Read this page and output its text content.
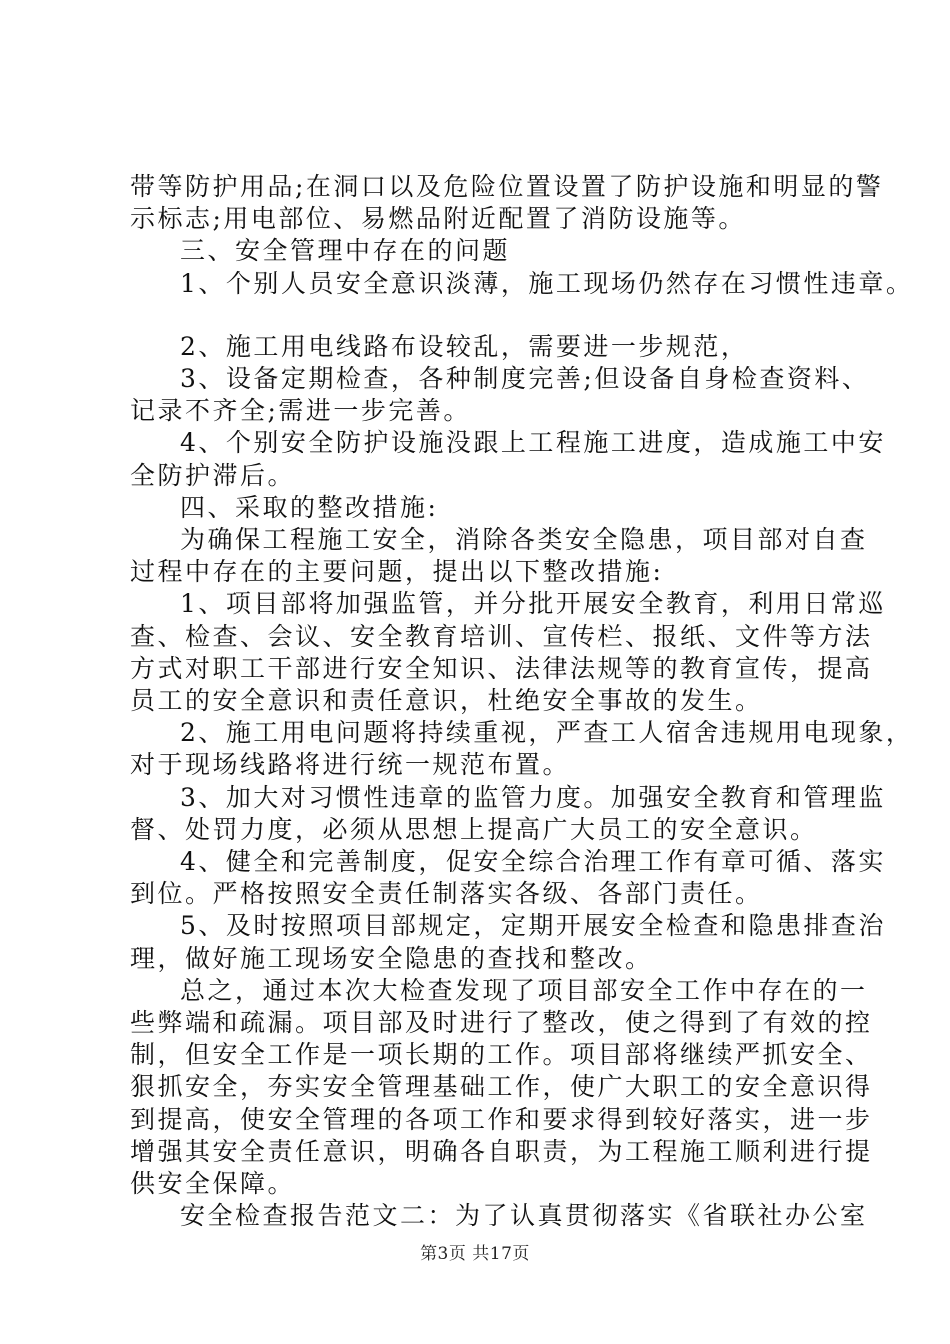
带等防护用品;在洞口以及危险位置设置了防护设施和明显的警
示标志;用电部位、易燃品附近配置了消防设施等。
三、安全管理中存在的问题
1、个别人员安全意识淡薄，施工现场仍然存在习惯性违章。
2、施工用电线路布设较乱，需要进一步规范，
3、设备定期检查，各种制度完善;但设备自身检查资料、
记录不齐全;需进一步完善。
4、个别安全防护设施没跟上工程施工进度，造成施工中安
全防护滞后。
四、采取的整改措施:
为确保工程施工安全，消除各类安全隐患，项目部对自查
过程中存在的主要问题，提出以下整改措施:
1、项目部将加强监管，并分批开展安全教育，利用日常巡
查、检查、会议、安全教育培训、宣传栏、报纸、文件等方法
方式对职工干部进行安全知识、法律法规等的教育宣传，提高
员工的安全意识和责任意识，杜绝安全事故的发生。
2、施工用电问题将持续重视，严查工人宿舍违规用电现象，
对于现场线路将进行统一规范布置。
3、加大对习惯性违章的监管力度。加强安全教育和管理监
督、处罚力度，必须从思想上提高广大员工的安全意识。
4、健全和完善制度，促安全综合治理工作有章可循、落实
到位。严格按照安全责任制落实各级、各部门责任。
5、及时按照项目部规定，定期开展安全检查和隐患排查治
理，做好施工现场安全隐患的查找和整改。
总之，通过本次大检查发现了项目部安全工作中存在的一
些弊端和疏漏。项目部及时进行了整改，使之得到了有效的控
制，但安全工作是一项长期的工作。项目部将继续严抓安全、
狠抓安全，夯实安全管理基础工作，使广大职工的安全意识得
到提高，使安全管理的各项工作和要求得到较好落实，进一步
增强其安全责任意识，明确各自职责，为工程施工顺利进行提
供安全保障。
安全检查报告范文二：为了认真贯彻落实《省联社办公室
第3页 共17页
